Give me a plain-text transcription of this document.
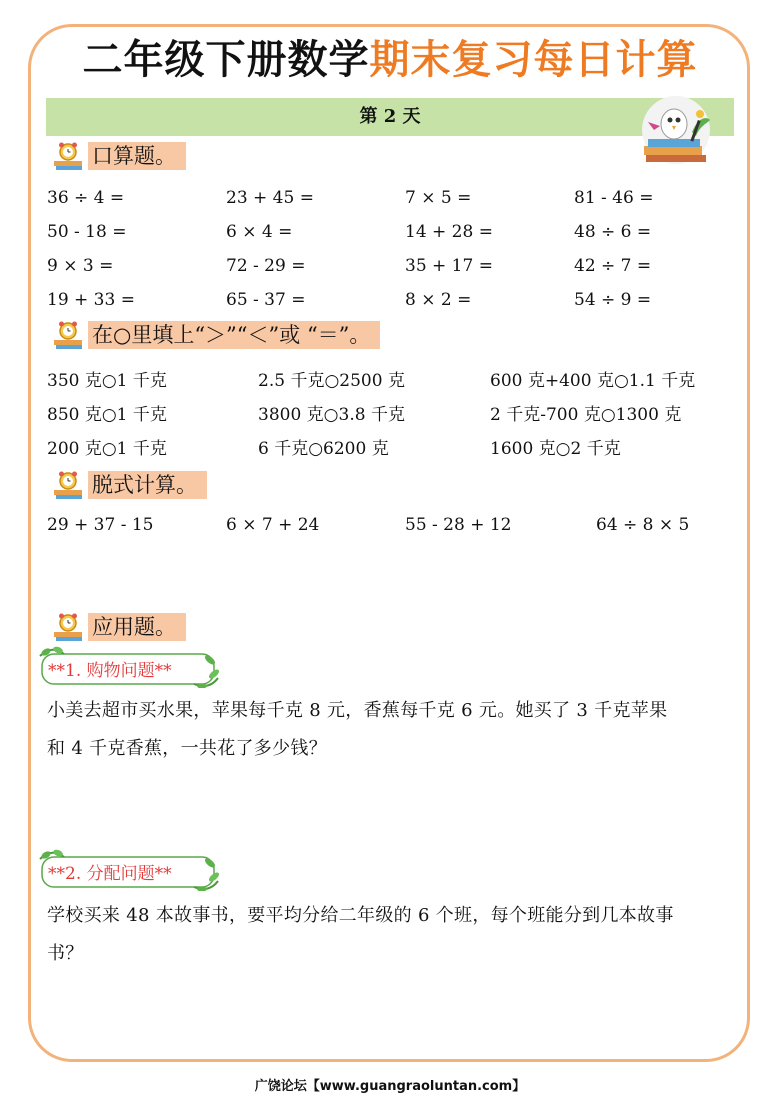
二年级下册数学期末复习每日计算
第 2 天
口算题。
36 ÷ 4 =	23 + 45 =	7 × 5 =	81 - 46 =
50 - 18 =	6 × 4 =	14 + 28 =	48 ÷ 6 =
9 × 3 =	72 - 29 =	35 + 17 =	42 ÷ 7 =
19 + 33 =	65 - 37 =	8 × 2 =	54 ÷ 9 =
在○里填上“＞”“＜”或 “＝”。
350 克○1 千克	2.5 千克○2500 克	600 克+400 克○1.1 千克
850 克○1 千克	3800 克○3.8 千克	2 千克-700 克○1300 克
200 克○1 千克	6 千克○6200 克	1600 克○2 千克
脱式计算。
29 + 37 - 15	6 × 7 + 24	55 - 28 + 12	64 ÷ 8 × 5
应用题。
**1. 购物问题**
小美去超市买水果，苹果每千克 8 元，香蕉每千克 6 元。她买了 3 千克苹果
和 4 千克香蕉，一共花了多少钱？
**2. 分配问题**
学校买来 48 本故事书，要平均分给二年级的 6 个班，每个班能分到几本故事
书？
广饶论坛【www.guangraoluntan.com】
